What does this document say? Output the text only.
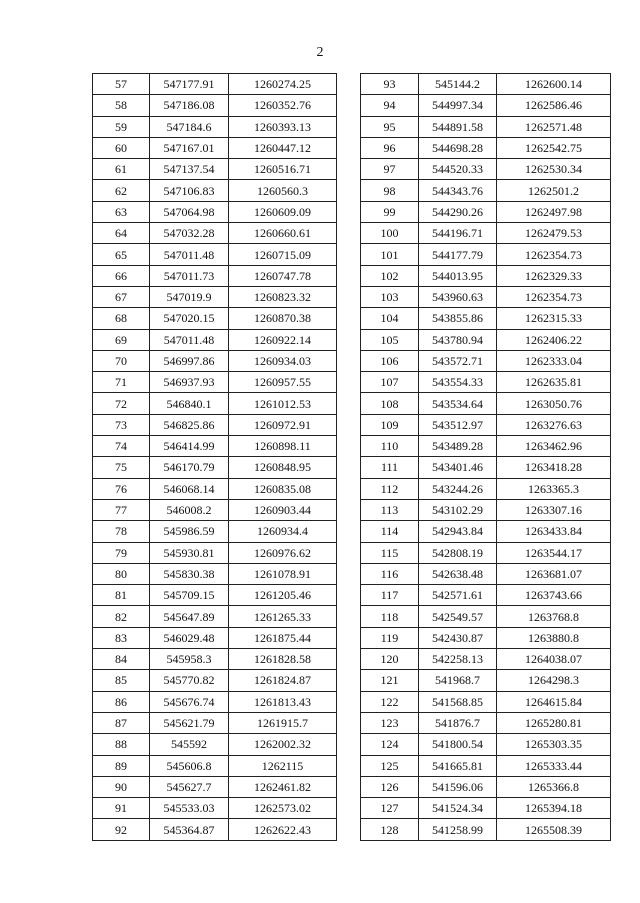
2
57	547177.91	1260274.25
58	547186.08	1260352.76
59	547184.6	1260393.13
60	547167.01	1260447.12
61	547137.54	1260516.71
62	547106.83	1260560.3
63	547064.98	1260609.09
64	547032.28	1260660.61
65	547011.48	1260715.09
66	547011.73	1260747.78
67	547019.9	1260823.32
68	547020.15	1260870.38
69	547011.48	1260922.14
70	546997.86	1260934.03
71	546937.93	1260957.55
72	546840.1	1261012.53
73	546825.86	1260972.91
74	546414.99	1260898.11
75	546170.79	1260848.95
76	546068.14	1260835.08
77	546008.2	1260903.44
78	545986.59	1260934.4
79	545930.81	1260976.62
80	545830.38	1261078.91
81	545709.15	1261205.46
82	545647.89	1261265.33
83	546029.48	1261875.44
84	545958.3	1261828.58
85	545770.82	1261824.87
86	545676.74	1261813.43
87	545621.79	1261915.7
88	545592	1262002.32
89	545606.8	1262115
90	545627.7	1262461.82
91	545533.03	1262573.02
92	545364.87	1262622.43
93	545144.2	1262600.14
94	544997.34	1262586.46
95	544891.58	1262571.48
96	544698.28	1262542.75
97	544520.33	1262530.34
98	544343.76	1262501.2
99	544290.26	1262497.98
100	544196.71	1262479.53
101	544177.79	1262354.73
102	544013.95	1262329.33
103	543960.63	1262354.73
104	543855.86	1262315.33
105	543780.94	1262406.22
106	543572.71	1262333.04
107	543554.33	1262635.81
108	543534.64	1263050.76
109	543512.97	1263276.63
110	543489.28	1263462.96
111	543401.46	1263418.28
112	543244.26	1263365.3
113	543102.29	1263307.16
114	542943.84	1263433.84
115	542808.19	1263544.17
116	542638.48	1263681.07
117	542571.61	1263743.66
118	542549.57	1263768.8
119	542430.87	1263880.8
120	542258.13	1264038.07
121	541968.7	1264298.3
122	541568.85	1264615.84
123	541876.7	1265280.81
124	541800.54	1265303.35
125	541665.81	1265333.44
126	541596.06	1265366.8
127	541524.34	1265394.18
128	541258.99	1265508.39
